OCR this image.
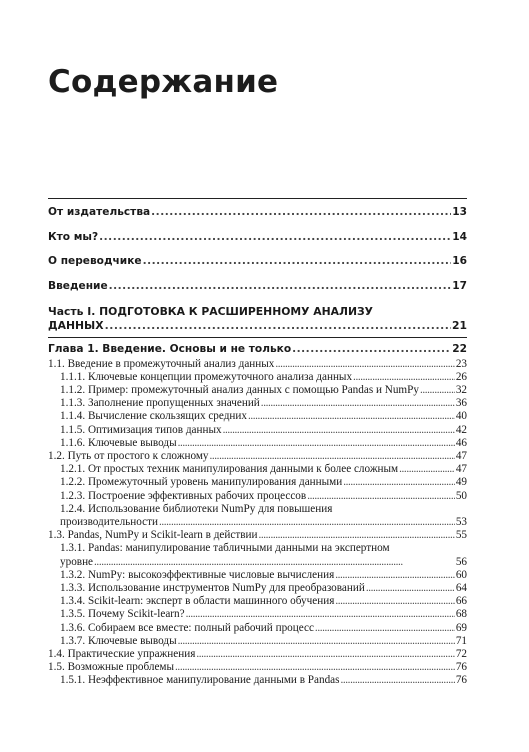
Содержание
От издательства . . .	13
Кто мы? . . .	14
О переводчике . . .	16
Введение . . .	17
Часть I. ПОДГОТОВКА К РАСШИРЕННОМУ АНАЛИЗУ
ДАННЫХ . . .	21
Глава 1. Введение. Основы и не только . . .	22
1.1. Введение в промежуточный анализ данных . . .	23
1.1.1. Ключевые концепции промежуточного анализа данных . . .	26
1.1.2. Пример: промежуточный анализ данных с помощью Pandas и NumPy . . .	32
1.1.3. Заполнение пропущенных значений . . .	36
1.1.4. Вычисление скользящих средних . . .	40
1.1.5. Оптимизация типов данных . . .	42
1.1.6. Ключевые выводы . . .	46
1.2. Путь от простого к сложному . . .	47
1.2.1. От простых техник манипулирования данными к более сложным . . .	47
1.2.2. Промежуточный уровень манипулирования данными . . .	49
1.2.3. Построение эффективных рабочих процессов . . .	50
1.2.4. Использование библиотеки NumPy для повышения
производительности . . .	53
1.3. Pandas, NumPy и Scikit-learn в действии . . .	55
1.3.1. Pandas: манипулирование табличными данными на экспертном
уровне . . .	56
1.3.2. NumPy: высокоэффективные числовые вычисления . . .	60
1.3.3. Использование инструментов NumPy для преобразований . . .	64
1.3.4. Scikit-learn: эксперт в области машинного обучения . . .	66
1.3.5. Почему Scikit-learn? . . .	68
1.3.6. Собираем все вместе: полный рабочий процесс . . .	69
1.3.7. Ключевые выводы . . .	71
1.4. Практические упражнения . . .	72
1.5. Возможные проблемы . . .	76
1.5.1. Неэффективное манипулирование данными в Pandas . . .	76
